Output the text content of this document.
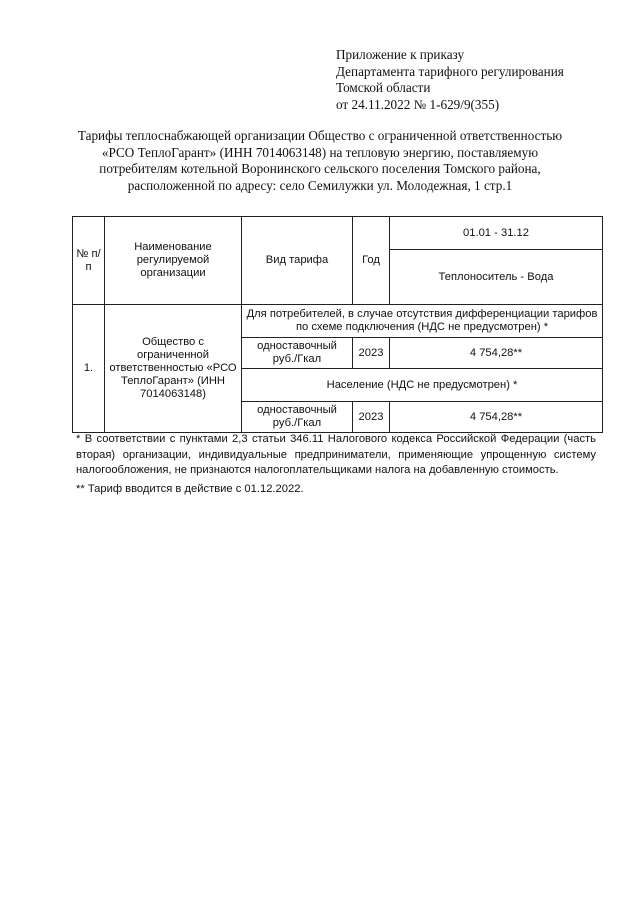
Приложение к приказу
Департамента тарифного регулирования
Томской области
от 24.11.2022 № 1-629/9(355)
Тарифы теплоснабжающей организации Общество с ограниченной ответственностью
«РСО ТеплоГарант» (ИНН 7014063148) на тепловую энергию, поставляемую
потребителям котельной Воронинского сельского поселения Томского района,
расположенной по адресу: село Семилужки ул. Молодежная, 1 стр.1
№ п/п	Наименование регулируемой организации	Вид тарифа	Год	01.01 - 31.12
				Теплоноситель - Вода
1.	Общество с ограниченной ответственностью «РСО ТеплоГарант» (ИНН 7014063148)	Для потребителей, в случае отсутствия дифференциации тарифов по схеме подключения (НДС не предусмотрен) *		
		одноставочный руб./Гкал	2023	4 754,28**
		Население (НДС не предусмотрен) *		
		одноставочный руб./Гкал	2023	4 754,28**

* В соответствии с пунктами 2,3 статьи 346.11 Налогового кодекса Российской Федерации (часть вторая) организации, индивидуальные предприниматели, применяющие упрощенную систему налогообложения, не признаются налогоплательщиками налога на добавленную стоимость.

** Тариф вводится в действие с 01.12.2022.
